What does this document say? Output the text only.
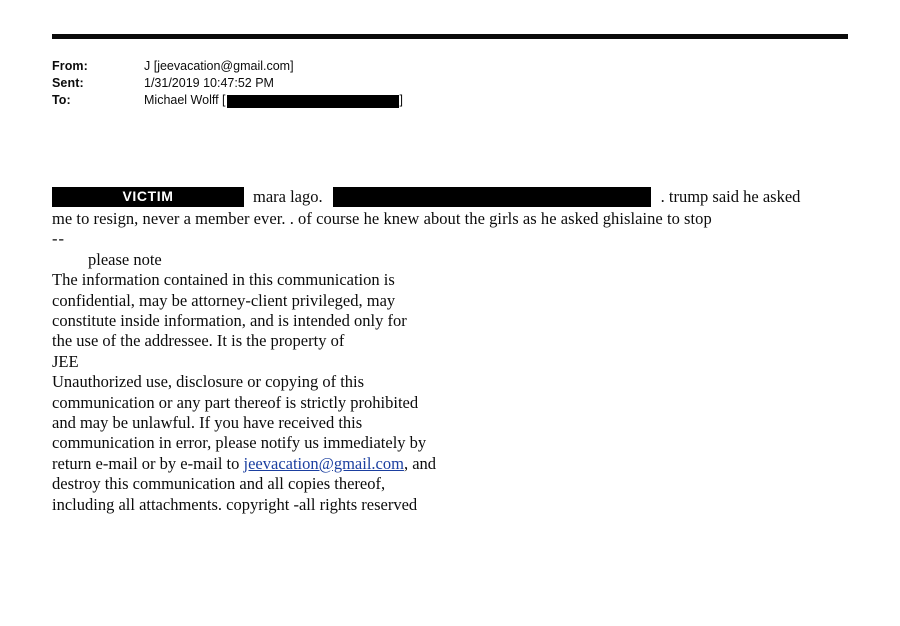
From:	J [jeevacation@gmail.com]
Sent:	1/31/2019 10:47:52 PM
To:	Michael Wolff [	]
VICTIM	mara lago.	. trump said he asked
me to resign, never a member ever. . of course he knew about the girls as he asked ghislaine to stop
--
please note

The information contained in this communication is

confidential, may be attorney-client privileged, may

constitute inside information, and is intended only for

the use of the addressee. It is the property of

JEE

Unauthorized use, disclosure or copying of this

communication or any part thereof is strictly prohibited

and may be unlawful. If you have received this

communication in error, please notify us immediately by

return e-mail or by e-mail to jeevacation@gmail.com, and

destroy this communication and all copies thereof,

including all attachments. copyright -all rights reserved
